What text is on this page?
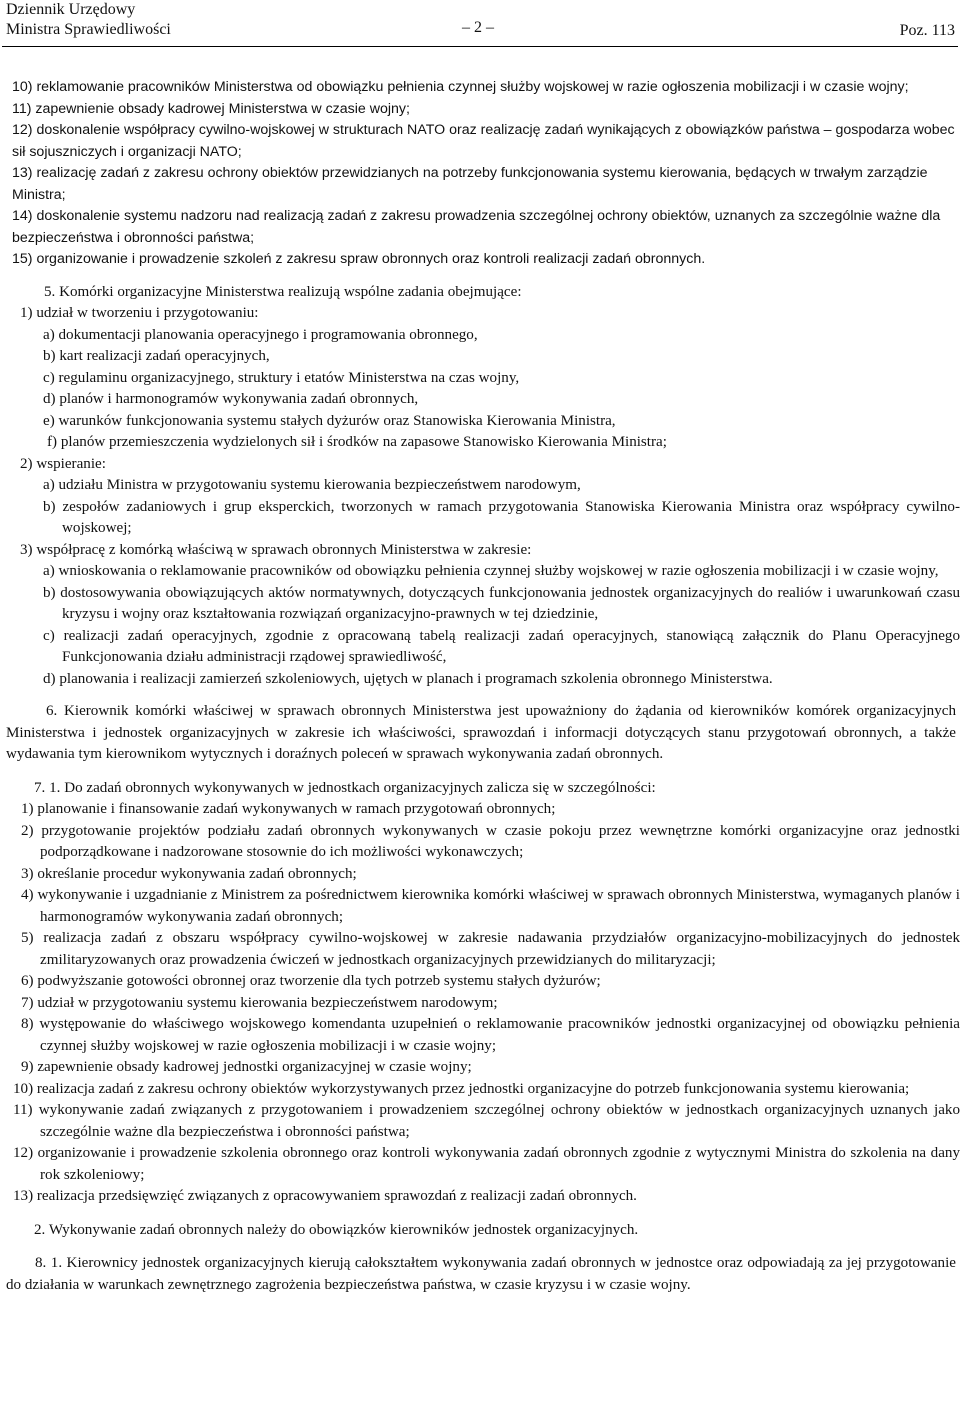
Dziennik Urzędowy
Ministra Sprawiedliwości	– 2 –	Poz. 113
10) reklamowanie pracowników Ministerstwa od obowiązku pełnienia czynnej służby wojskowej w razie ogłoszenia mobilizacji i w czasie wojny;
11) zapewnienie obsady kadrowej Ministerstwa w czasie wojny;
12) doskonalenie współpracy cywilno-wojskowej w strukturach NATO oraz realizację zadań wynikających z obowiązków państwa – gospodarza wobec sił sojuszniczych i organizacji NATO;
13) realizację zadań z zakresu ochrony obiektów przewidzianych na potrzeby funkcjonowania systemu kierowania, będących w trwałym zarządzie Ministra;
14) doskonalenie systemu nadzoru nad realizacją zadań z zakresu prowadzenia szczególnej ochrony obiektów, uznanych za szczególnie ważne dla bezpieczeństwa i obronności państwa;
15) organizowanie i prowadzenie szkoleń z zakresu spraw obronnych oraz kontroli realizacji zadań obronnych.
5. Komórki organizacyjne Ministerstwa realizują wspólne zadania obejmujące:
1) udział w tworzeniu i przygotowaniu:
a) dokumentacji planowania operacyjnego i programowania obronnego,
b) kart realizacji zadań operacyjnych,
c) regulaminu organizacyjnego, struktury i etatów Ministerstwa na czas wojny,
d) planów i harmonogramów wykonywania zadań obronnych,
e) warunków funkcjonowania systemu stałych dyżurów oraz Stanowiska Kierowania Ministra,
f) planów przemieszczenia wydzielonych sił i środków na zapasowe Stanowisko Kierowania Ministra;
2) wspieranie:
a) udziału Ministra w przygotowaniu systemu kierowania bezpieczeństwem narodowym,
b) zespołów zadaniowych i grup eksperckich, tworzonych w ramach przygotowania Stanowiska Kierowania Ministra oraz współpracy cywilno-wojskowej;
3) współpracę z komórką właściwą w sprawach obronnych Ministerstwa w zakresie:
a) wnioskowania o reklamowanie pracowników od obowiązku pełnienia czynnej służby wojskowej w razie ogłoszenia mobilizacji i w czasie wojny,
b) dostosowywania obowiązujących aktów normatywnych, dotyczących funkcjonowania jednostek organizacyjnych do realiów i uwarunkowań czasu kryzysu i wojny oraz kształtowania rozwiązań organizacyjno-prawnych w tej dziedzinie,
c) realizacji zadań operacyjnych, zgodnie z opracowaną tabelą realizacji zadań operacyjnych, stanowiącą załącznik do Planu Operacyjnego Funkcjonowania działu administracji rządowej sprawiedliwość,
d) planowania i realizacji zamierzeń szkoleniowych, ujętych w planach i programach szkolenia obronnego Ministerstwa.
6. Kierownik komórki właściwej w sprawach obronnych Ministerstwa jest upoważniony do żądania od kierowników komórek organizacyjnych Ministerstwa i jednostek organizacyjnych w zakresie ich właściwości, sprawozdań i informacji dotyczących stanu przygotowań obronnych, a także wydawania tym kierownikom wytycznych i doraźnych poleceń w sprawach wykonywania zadań obronnych.
7. 1. Do zadań obronnych wykonywanych w jednostkach organizacyjnych zalicza się w szczególności:
1) planowanie i finansowanie zadań wykonywanych w ramach przygotowań obronnych;
2) przygotowanie projektów podziału zadań obronnych wykonywanych w czasie pokoju przez wewnętrzne komórki organizacyjne oraz jednostki podporządkowane i nadzorowane stosownie do ich możliwości wykonawczych;
3) określanie procedur wykonywania zadań obronnych;
4) wykonywanie i uzgadnianie z Ministrem za pośrednictwem kierownika komórki właściwej w sprawach obronnych Ministerstwa, wymaganych planów i harmonogramów wykonywania zadań obronnych;
5) realizacja zadań z obszaru współpracy cywilno-wojskowej w zakresie nadawania przydziałów organizacyjno-mobilizacyjnych do jednostek zmilitaryzowanych oraz prowadzenia ćwiczeń w jednostkach organizacyjnych przewidzianych do militaryzacji;
6) podwyższanie gotowości obronnej oraz tworzenie dla tych potrzeb systemu stałych dyżurów;
7) udział w przygotowaniu systemu kierowania bezpieczeństwem narodowym;
8) występowanie do właściwego wojskowego komendanta uzupełnień o reklamowanie pracowników jednostki organizacyjnej od obowiązku pełnienia czynnej służby wojskowej w razie ogłoszenia mobilizacji i w czasie wojny;
9) zapewnienie obsady kadrowej jednostki organizacyjnej w czasie wojny;
10) realizacja zadań z zakresu ochrony obiektów wykorzystywanych przez jednostki organizacyjne do potrzeb funkcjonowania systemu kierowania;
11) wykonywanie zadań związanych z przygotowaniem i prowadzeniem szczególnej ochrony obiektów w jednostkach organizacyjnych uznanych jako szczególnie ważne dla bezpieczeństwa i obronności państwa;
12) organizowanie i prowadzenie szkolenia obronnego oraz kontroli wykonywania zadań obronnych zgodnie z wytycznymi Ministra do szkolenia na dany rok szkoleniowy;
13) realizacja przedsięwzięć związanych z opracowywaniem sprawozdań z realizacji zadań obronnych.
2. Wykonywanie zadań obronnych należy do obowiązków kierowników jednostek organizacyjnych.
8. 1. Kierownicy jednostek organizacyjnych kierują całokształtem wykonywania zadań obronnych w jednostce oraz odpowiadają za jej przygotowanie do działania w warunkach zewnętrznego zagrożenia bezpieczeństwa państwa, w czasie kryzysu i w czasie wojny.
